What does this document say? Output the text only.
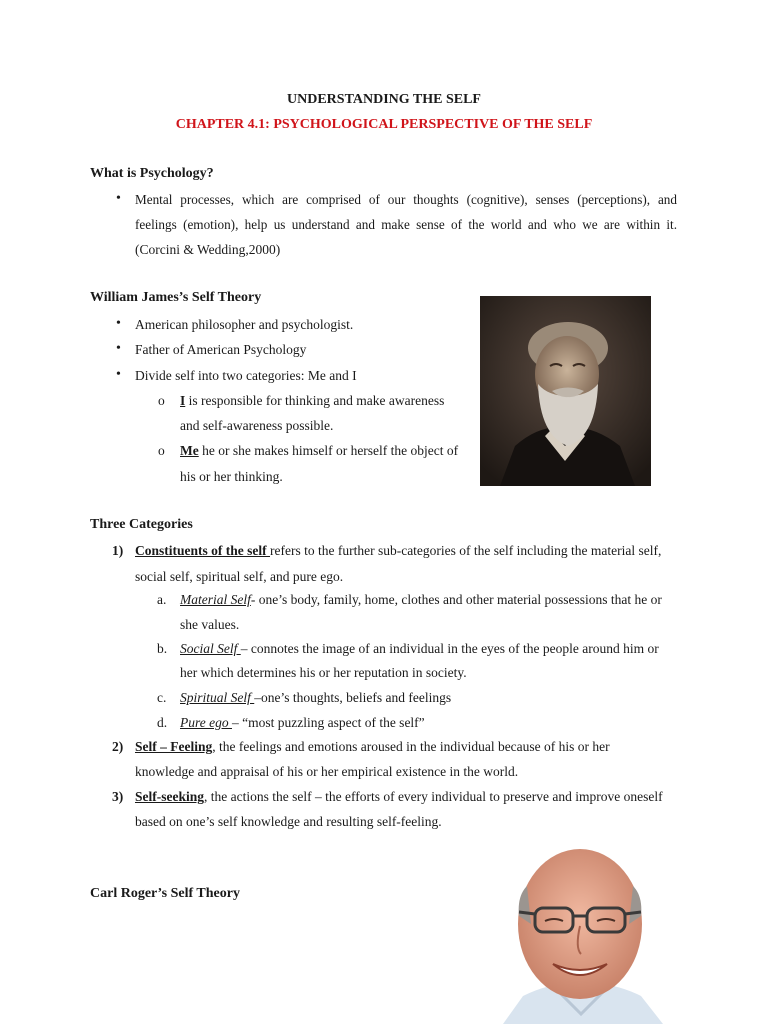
UNDERSTANDING THE SELF
CHAPTER 4.1: PSYCHOLOGICAL PERSPECTIVE OF THE SELF
What is Psychology?
• Mental processes, which are comprised of our thoughts (cognitive), senses (perceptions), and
feelings (emotion), help us understand and make sense of the world and who we are within it.
(Corcini & Wedding,2000)
William James’s Self Theory
• American philosopher and psychologist.
• Father of American Psychology
• Divide self into two categories: Me and I
o I is responsible for thinking and make awareness
and self-awareness possible.
o Me he or she makes himself or herself the object of
his or her thinking.
Three Categories
1) Constituents of the self refers to the further sub-categories of the self including the material self,
social self, spiritual self, and pure ego.
a. Material Self- one’s body, family, home, clothes and other material possessions that he or
she values.
b. Social Self – connotes the image of an individual in the eyes of the people around him or
her which determines his or her reputation in society.
c. Spiritual Self –one’s thoughts, beliefs and feelings
d. Pure ego – “most puzzling aspect of the self”
2) Self – Feeling, the feelings and emotions aroused in the individual because of his or her
knowledge and appraisal of his or her empirical existence in the world.
3) Self-seeking, the actions the self – the efforts of every individual to preserve and improve oneself
based on one’s self knowledge and resulting self-feeling.
Carl Roger’s Self Theory
